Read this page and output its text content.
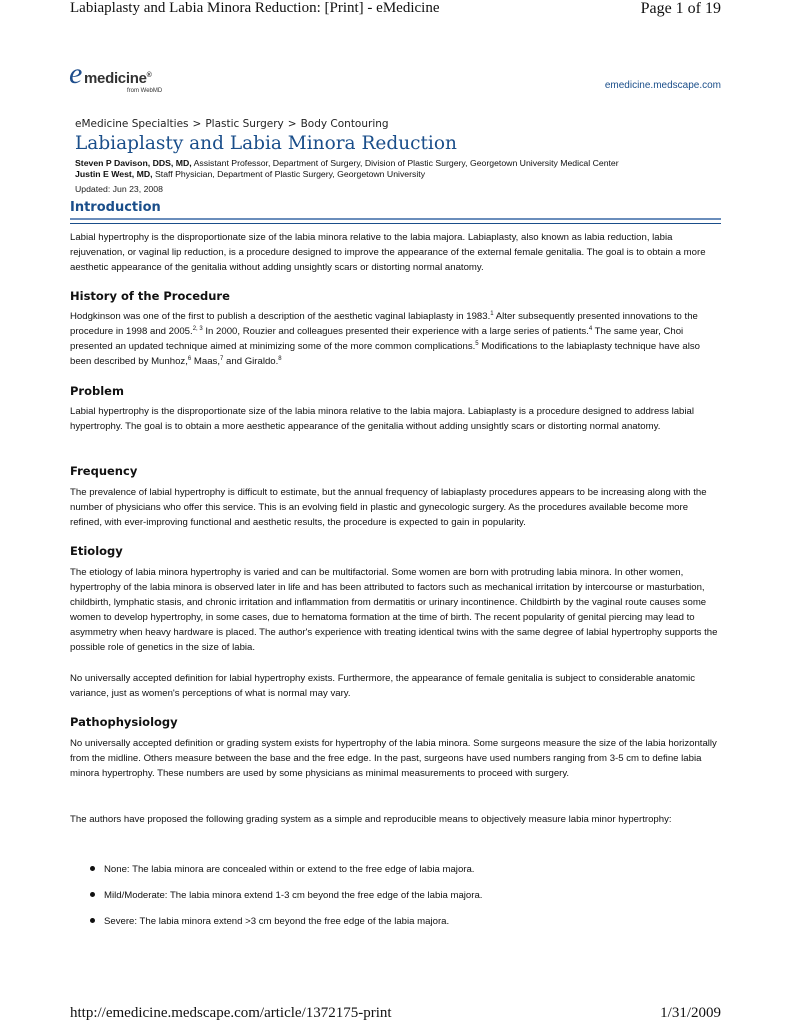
Labiaplasty and Labia Minora Reduction: [Print] - eMedicine	Page 1 of 19
e medicine®
from WebMD	emedicine.medscape.com
eMedicine Specialties > Plastic Surgery > Body Contouring
Labiaplasty and Labia Minora Reduction
Steven P Davison, DDS, MD, Assistant Professor, Department of Surgery, Division of Plastic Surgery, Georgetown University Medical Center
Justin E West, MD, Staff Physician, Department of Plastic Surgery, Georgetown University
Updated: Jun 23, 2008
Introduction

Labial hypertrophy is the disproportionate size of the labia minora relative to the labia majora. Labiaplasty, also known as labia reduction, labia rejuvenation, or vaginal lip reduction, is a procedure designed to improve the appearance of the external female genitalia. The goal is to obtain a more aesthetic appearance of the genitalia without adding unsightly scars or distorting normal anatomy.

History of the Procedure

Hodgkinson was one of the first to publish a description of the aesthetic vaginal labiaplasty in 1983.$^1$ Alter subsequently presented innovations to the procedure in 1998 and 2005.$^{2, 3}$ In 2000, Rouzier and colleagues presented their experience with a large series of patients.$^4$ The same year, Choi presented an updated technique aimed at minimizing some of the more common complications.$^5$ Modifications to the labiaplasty technique have also been described by Munhoz,$^6$ Maas,$^7$ and Giraldo.$^8$

Problem

Labial hypertrophy is the disproportionate size of the labia minora relative to the labia majora. Labiaplasty is a procedure designed to address labial hypertrophy. The goal is to obtain a more aesthetic appearance of the genitalia without adding unsightly scars or distorting normal anatomy.

Frequency

The prevalence of labial hypertrophy is difficult to estimate, but the annual frequency of labiaplasty procedures appears to be increasing along with the number of physicians who offer this service. This is an evolving field in plastic and gynecologic surgery. As the procedures available become more refined, with ever-improving functional and aesthetic results, the procedure is expected to gain in popularity.

Etiology

The etiology of labia minora hypertrophy is varied and can be multifactorial. Some women are born with protruding labia minora. In other women, hypertrophy of the labia minora is observed later in life and has been attributed to factors such as mechanical irritation by intercourse or masturbation, childbirth, lymphatic stasis, and chronic irritation and inflammation from dermatitis or urinary incontinence. Childbirth by the vaginal route causes some women to develop hypertrophy, in some cases, due to hematoma formation at the time of birth. The recent popularity of genital piercing may lead to asymmetry when heavy hardware is placed. The author's experience with treating identical twins with the same degree of labial hypertrophy supports the possible role of genetics in the size of labia.

No universally accepted definition for labial hypertrophy exists. Furthermore, the appearance of female genitalia is subject to considerable anatomic variance, just as women's perceptions of what is normal may vary.

Pathophysiology

No universally accepted definition or grading system exists for hypertrophy of the labia minora. Some surgeons measure the size of the labia horizontally from the midline. Others measure between the base and the free edge. In the past, surgeons have used numbers ranging from 3-5 cm to define labia minora hypertrophy. These numbers are used by some physicians as minimal measurements to proceed with surgery.

The authors have proposed the following grading system as a simple and reproducible means to objectively measure labia minor hypertrophy:

None: The labia minora are concealed within or extend to the free edge of labia majora.
Mild/Moderate: The labia minora extend 1-3 cm beyond the free edge of the labia majora.
Severe: The labia minora extend >3 cm beyond the free edge of the labia majora.
http://emedicine.medscape.com/article/1372175-print	1/31/2009
